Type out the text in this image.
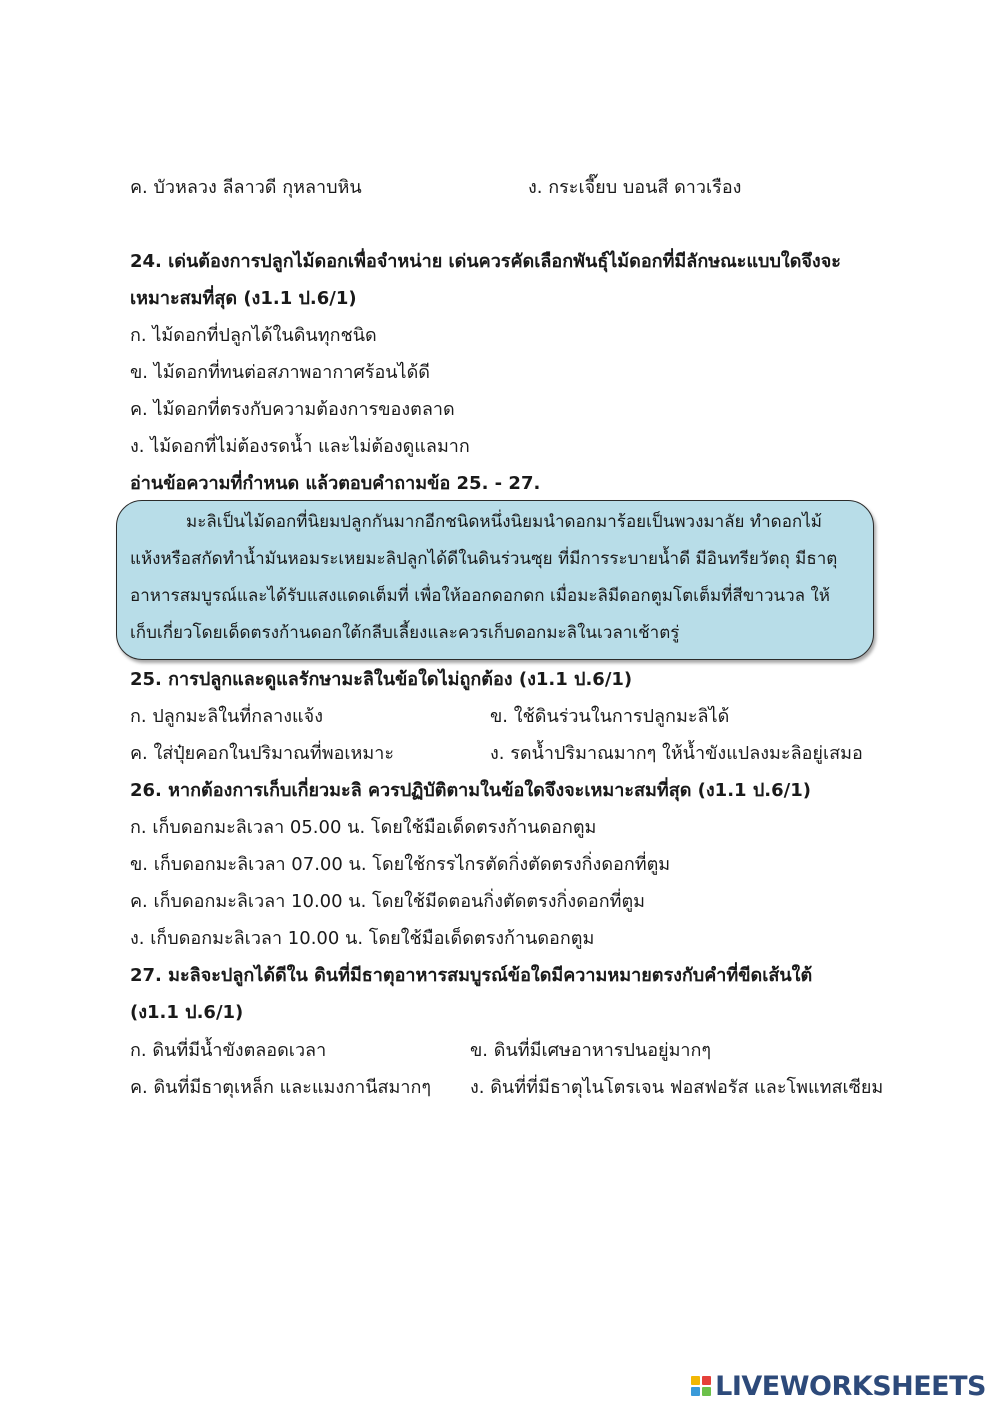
ค. บัวหลวง ลีลาวดี กุหลาบหิน	ง. กระเจี๊ยบ บอนสี ดาวเรือง
24. เด่นต้องการปลูกไม้ดอกเพื่อจำหน่าย เด่นควรคัดเลือกพันธุ์ไม้ดอกที่มีลักษณะแบบใดจึงจะ
เหมาะสมที่สุด (ง1.1 ป.6/1)
ก. ไม้ดอกที่ปลูกได้ในดินทุกชนิด
ข. ไม้ดอกที่ทนต่อสภาพอากาศร้อนได้ดี
ค. ไม้ดอกที่ตรงกับความต้องการของตลาด
ง. ไม้ดอกที่ไม่ต้องรดน้ำ และไม่ต้องดูแลมาก
อ่านข้อความที่กำหนด แล้วตอบคำถามข้อ 25. - 27.
มะลิเป็นไม้ดอกที่นิยมปลูกกันมากอีกชนิดหนึ่งนิยมนำดอกมาร้อยเป็นพวงมาลัย ทำดอกไม้
แห้งหรือสกัดทำน้ำมันหอมระเหยมะลิปลูกได้ดีในดินร่วนซุย ที่มีการระบายน้ำดี มีอินทรียวัตถุ มีธาตุ
อาหารสมบูรณ์และได้รับแสงแดดเต็มที่ เพื่อให้ออกดอกดก เมื่อมะลิมีดอกตูมโตเต็มที่สีขาวนวล ให้
เก็บเกี่ยวโดยเด็ดตรงก้านดอกใต้กลีบเลี้ยงและควรเก็บดอกมะลิในเวลาเช้าตรู่
25. การปลูกและดูแลรักษามะลิในข้อใดไม่ถูกต้อง (ง1.1 ป.6/1)
ก. ปลูกมะลิในที่กลางแจ้ง	ข. ใช้ดินร่วนในการปลูกมะลิได้
ค. ใส่ปุ๋ยคอกในปริมาณที่พอเหมาะ	ง. รดน้ำปริมาณมากๆ ให้น้ำขังแปลงมะลิอยู่เสมอ
26. หากต้องการเก็บเกี่ยวมะลิ ควรปฏิบัติตามในข้อใดจึงจะเหมาะสมที่สุด (ง1.1 ป.6/1)
ก. เก็บดอกมะลิเวลา 05.00 น. โดยใช้มือเด็ดตรงก้านดอกตูม
ข. เก็บดอกมะลิเวลา 07.00 น. โดยใช้กรรไกรตัดกิ่งตัดตรงกิ่งดอกที่ตูม
ค. เก็บดอกมะลิเวลา 10.00 น. โดยใช้มีดตอนกิ่งตัดตรงกิ่งดอกที่ตูม
ง. เก็บดอกมะลิเวลา 10.00 น. โดยใช้มือเด็ดตรงก้านดอกตูม
27. มะลิจะปลูกได้ดีใน ดินที่มีธาตุอาหารสมบูรณ์ข้อใดมีความหมายตรงกับคำที่ขีดเส้นใต้
(ง1.1 ป.6/1)
ก. ดินที่มีน้ำขังตลอดเวลา	ข. ดินที่มีเศษอาหารปนอยู่มากๆ
ค. ดินที่มีธาตุเหล็ก และแมงกานีสมากๆ ง. ดินที่ที่มีธาตุไนโตรเจน ฟอสฟอรัส และโพแทสเซียม
LIVEWORKSHEETS
